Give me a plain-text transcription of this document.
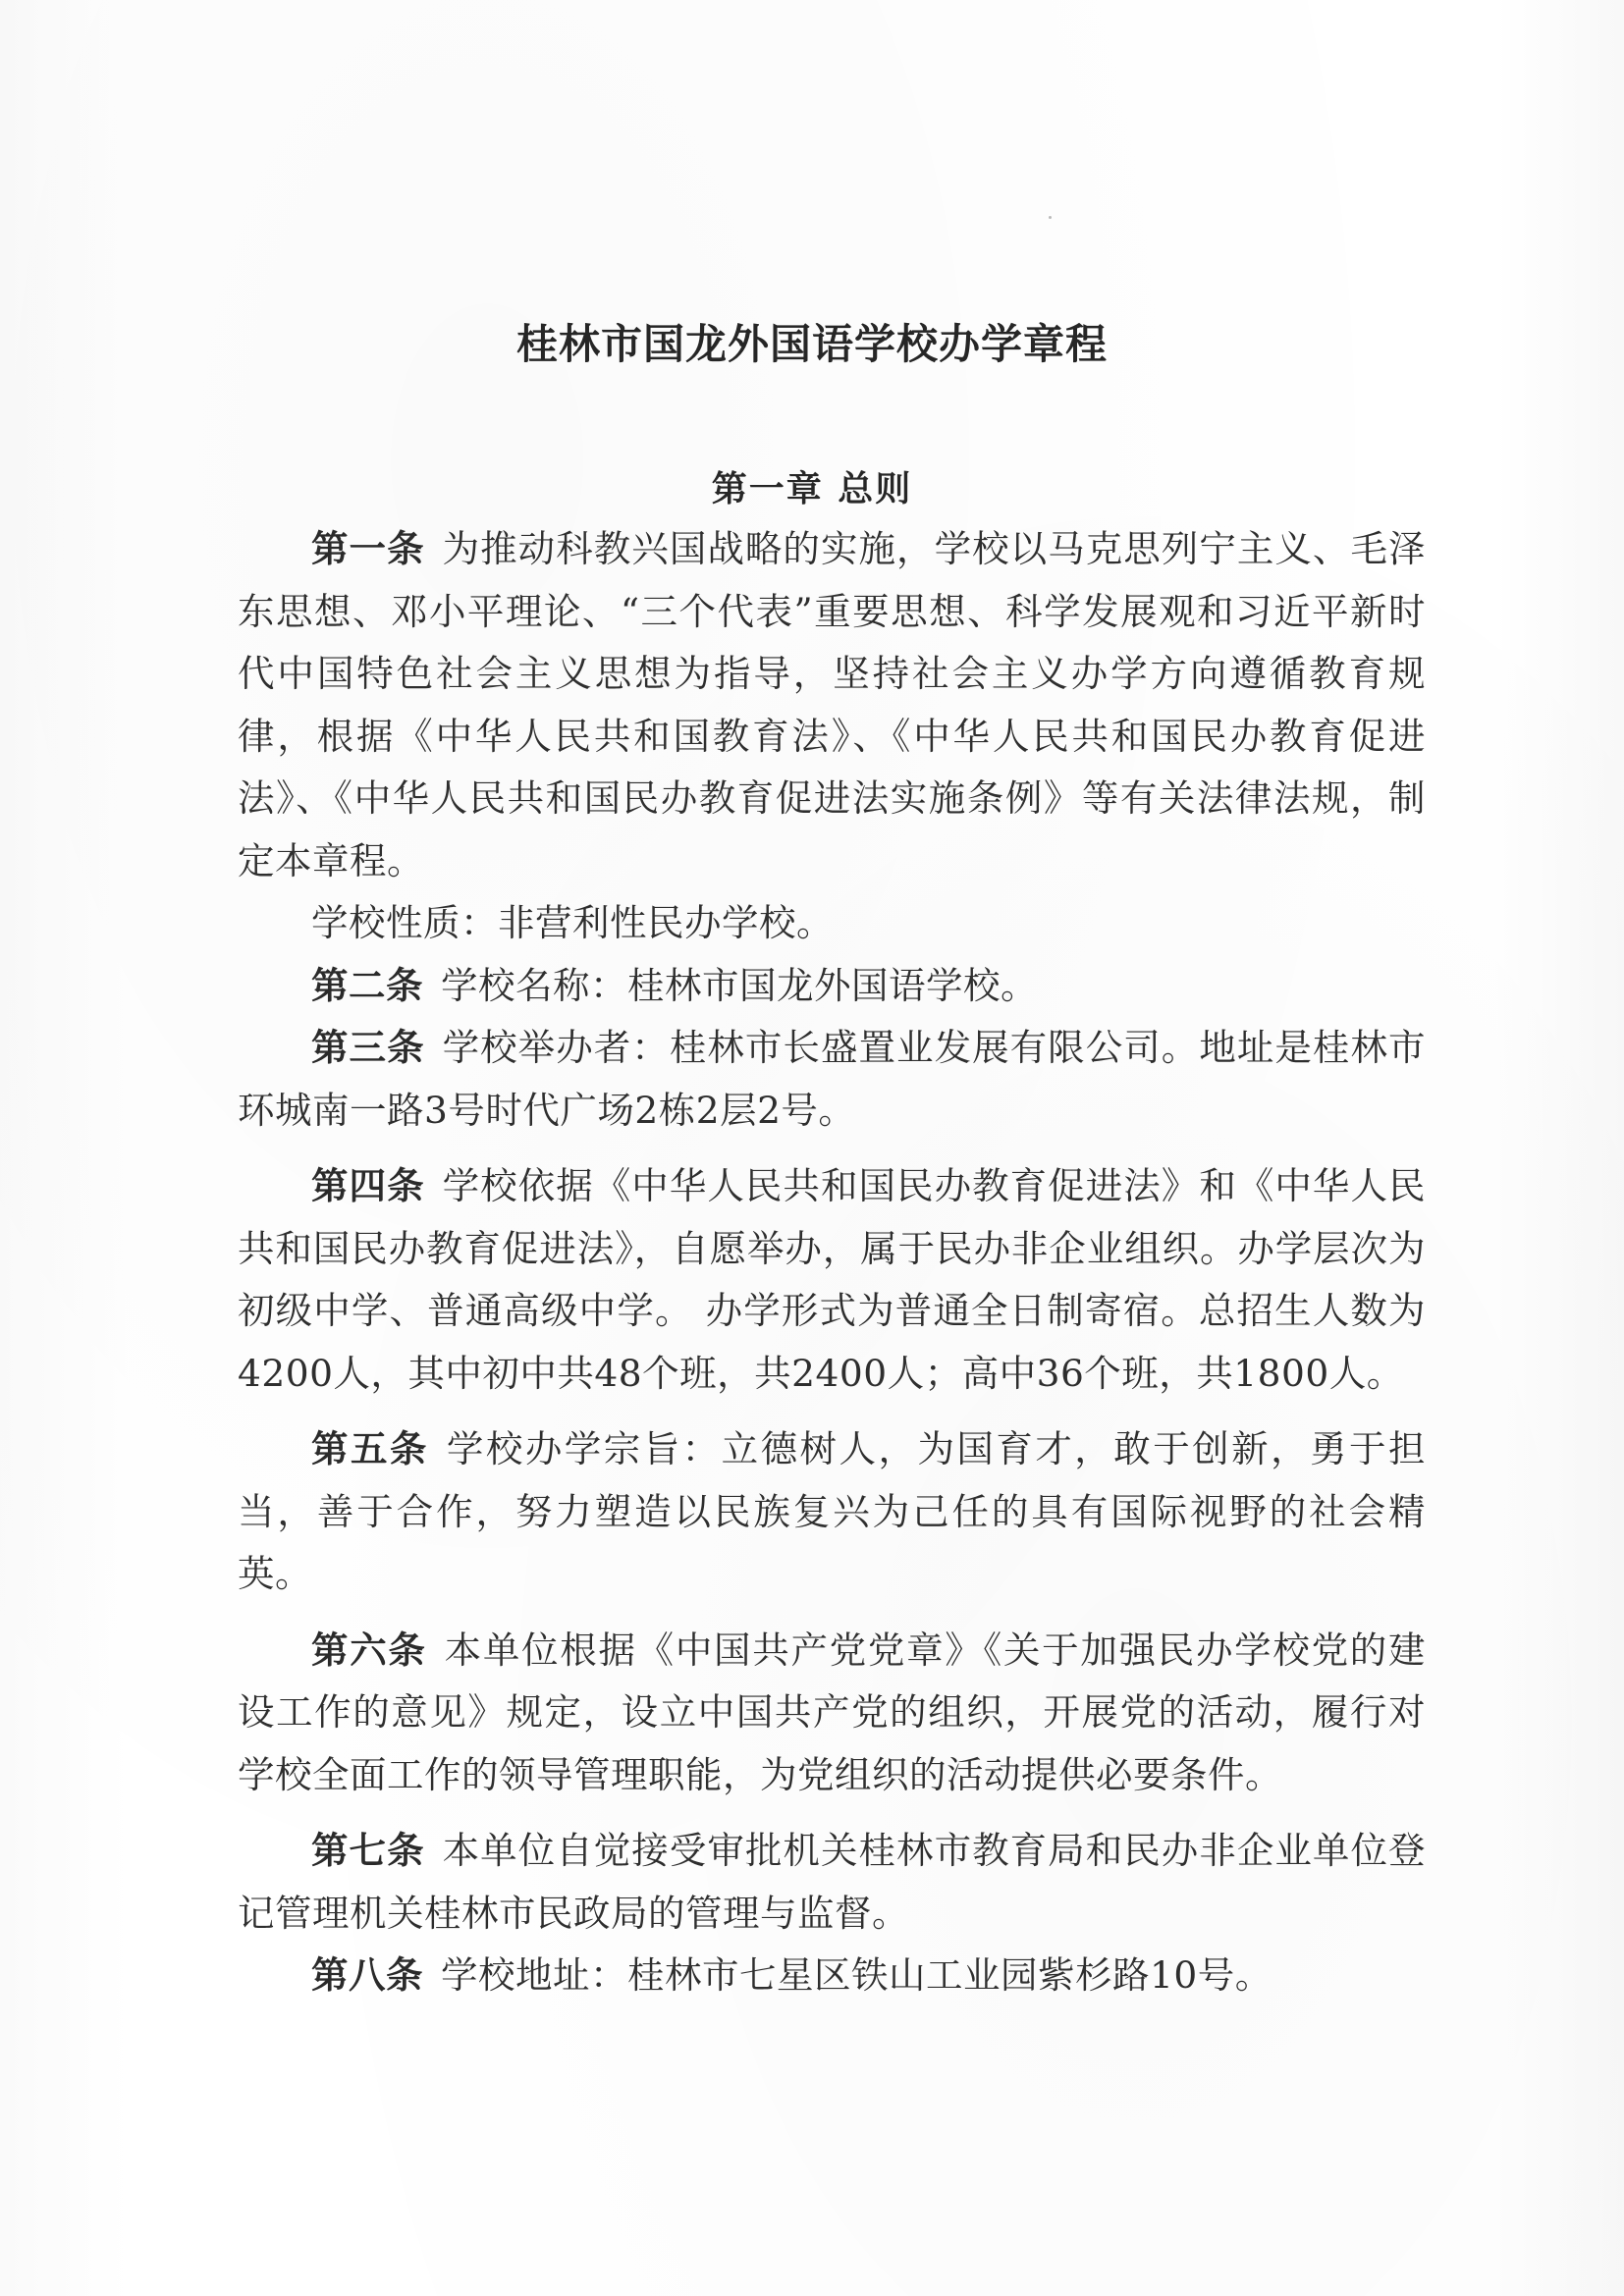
桂林市国龙外国语学校办学章程
第一章 总则

第一条 为推动科教兴国战略的实施，学校以马克思列宁主义、毛泽东思想、邓小平理论、“三个代表”重要思想、科学发展观和习近平新时代中国特色社会主义思想为指导，坚持社会主义办学方向遵循教育规律，根据《中华人民共和国教育法》、《中华人民共和国民办教育促进法》、《中华人民共和国民办教育促进法实施条例》等有关法律法规，制定本章程。

学校性质：非营利性民办学校。

第二条 学校名称：桂林市国龙外国语学校。

第三条 学校举办者：桂林市长盛置业发展有限公司。地址是桂林市环城南一路3号时代广场2栋2层2号。

第四条 学校依据《中华人民共和国民办教育促进法》和《中华人民共和国民办教育促进法》，自愿举办，属于民办非企业组织。办学层次为初级中学、普通高级中学。 办学形式为普通全日制寄宿。总招生人数为4200人，其中初中共48个班，共2400人；高中36个班，共1800人。

第五条 学校办学宗旨：立德树人，为国育才，敢于创新，勇于担当，善于合作，努力塑造以民族复兴为己任的具有国际视野的社会精英。

第六条 本单位根据《中国共产党党章》《关于加强民办学校党的建设工作的意见》规定，设立中国共产党的组织，开展党的活动，履行对学校全面工作的领导管理职能，为党组织的活动提供必要条件。

第七条 本单位自觉接受审批机关桂林市教育局和民办非企业单位登记管理机关桂林市民政局的管理与监督。

第八条 学校地址：桂林市七星区铁山工业园紫杉路10号。
